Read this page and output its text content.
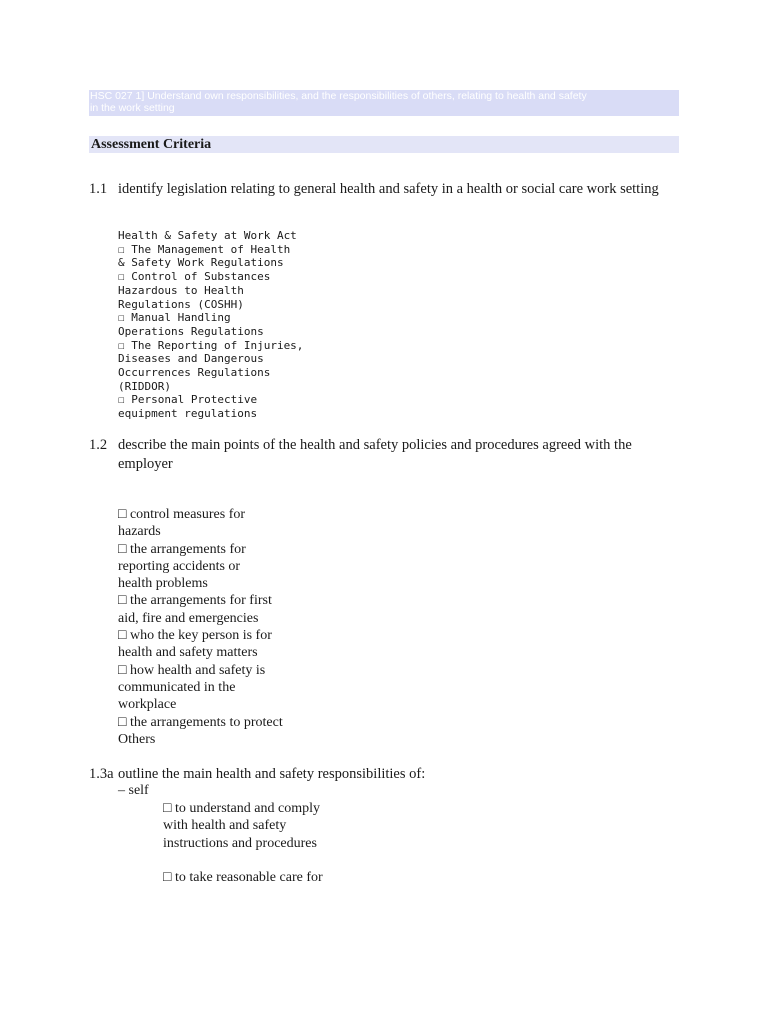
HSC 027 1] Understand own responsibilities, and the responsibilities of others, relating to health and safety
in the work setting
Assessment Criteria
1.1 identify legislation relating to general health and safety in a health or social care work setting
Health & Safety at Work Act
☐ The Management of Health
& Safety Work Regulations
☐ Control of Substances
Hazardous to Health
Regulations (COSHH)
☐ Manual Handling
Operations Regulations
☐ The Reporting of Injuries,
Diseases and Dangerous
Occurrences Regulations
(RIDDOR)
☐ Personal Protective
equipment regulations
1.2 describe the main points of the health and safety policies and procedures agreed with the employer
□ control measures for
hazards
□ the arrangements for
reporting accidents or
health problems
□ the arrangements for first
aid, fire and emergencies
□ who the key person is for
health and safety matters
□ how health and safety is
communicated in the
workplace
□ the arrangements to protect
Others
1.3a outline the main health and safety responsibilities of:
– self
□ to understand and comply
with health and safety
instructions and procedures

□ to take reasonable care for
